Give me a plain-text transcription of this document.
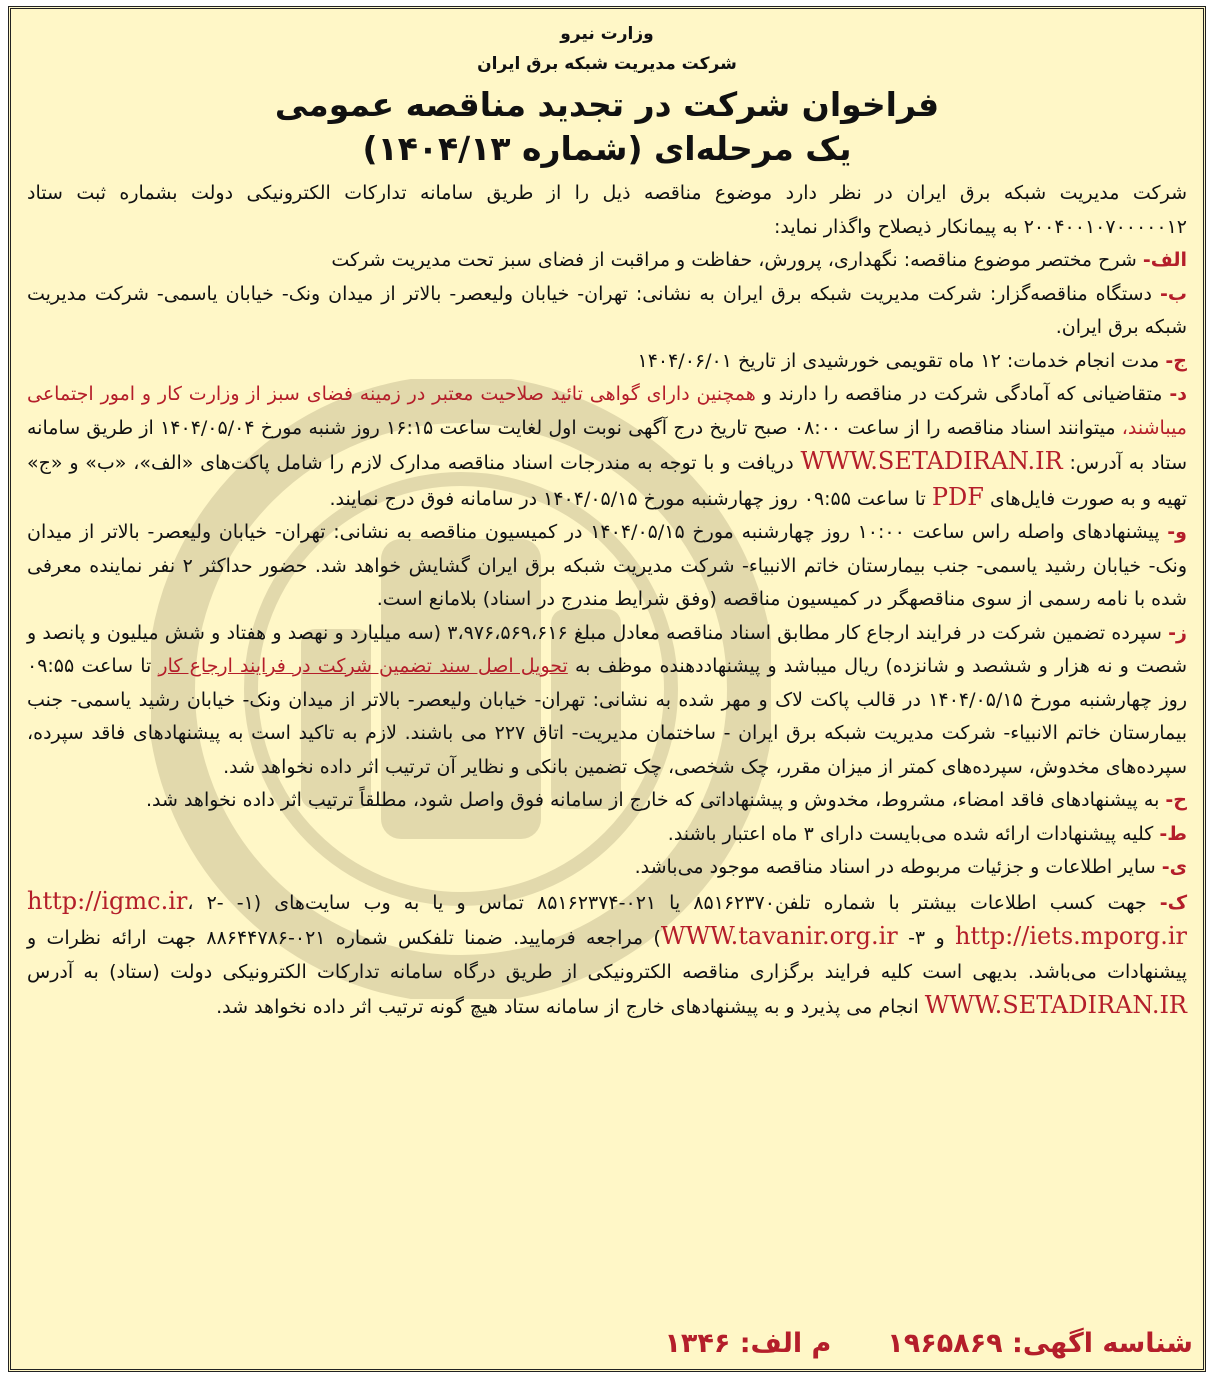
وزارت نیرو
شرکت مدیریت شبکه برق ایران
فراخوان شرکت در تجدید مناقصه عمومی
یک مرحله‌ای (شماره ۱۴۰۴/۱۳)

شرکت مدیریت شبکه برق ایران در نظر دارد موضوع مناقصه ذیل را از طریق سامانه تدارکات الکترونیکی دولت بشماره ثبت ستاد ۲۰۰۴۰۰۱۰۷۰۰۰۰۰۱۲ به پیمانکار ذیصلاح واگذار نماید:

الف- شرح مختصر موضوع مناقصه: نگهداری، پرورش، حفاظت و مراقبت از فضای سبز تحت مدیریت شرکت

ب- دستگاه مناقصه‌گزار: شرکت مدیریت شبکه برق ایران به نشانی: تهران- خیابان ولیعصر- بالاتر از میدان ونک- خیابان یاسمی- شرکت مدیریت شبکه برق ایران.

ج- مدت انجام خدمات: ۱۲ ماه تقویمی خورشیدی از تاریخ ۱۴۰۴/۰۶/۰۱

د- متقاضیانی که آمادگی شرکت در مناقصه را دارند و همچنین دارای گواهی تائید صلاحیت معتبر در زمینه فضای سبز از وزارت کار و امور اجتماعی میباشند، میتوانند اسناد مناقصه را از ساعت ۰۸:۰۰ صبح تاریخ درج آگهی نوبت اول لغایت ساعت ۱۶:۱۵ روز شنبه مورخ ۱۴۰۴/۰۵/۰۴ از طریق سامانه ستاد به آدرس: WWW.SETADIRAN.IR دریافت و با توجه به مندرجات اسناد مناقصه مدارک لازم را شامل پاکت‌های «الف»، «ب» و «ج» تهیه و به صورت فایل‌های PDF تا ساعت ۰۹:۵۵ روز چهارشنبه مورخ ۱۴۰۴/۰۵/۱۵ در سامانه فوق درج نمایند.

و- پیشنهادهای واصله راس ساعت ۱۰:۰۰ روز چهارشنبه مورخ ۱۴۰۴/۰۵/۱۵ در کمیسیون مناقصه به نشانی: تهران- خیابان ولیعصر- بالاتر از میدان ونک- خیابان رشید یاسمی- جنب بیمارستان خاتم الانبیاء- شرکت مدیریت شبکه برق ایران گشایش خواهد شد. حضور حداکثر ۲ نفر نماینده معرفی شده با نامه رسمی از سوی مناقصهگر در کمیسیون مناقصه (وفق شرایط مندرج در اسناد) بلامانع است.

ز- سپرده تضمین شرکت در فرایند ارجاع کار مطابق اسناد مناقصه معادل مبلغ ۳،۹۷۶،۵۶۹،۶۱۶ (سه میلیارد و نهصد و هفتاد و شش میلیون و پانصد و شصت و نه هزار و ششصد و شانزده) ریال میباشد و پیشنهاددهنده موظف به تحویل اصل سند تضمین شرکت در فرایند ارجاع کار تا ساعت ۰۹:۵۵ روز چهارشنبه مورخ ۱۴۰۴/۰۵/۱۵ در قالب پاکت لاک و مهر شده به نشانی: تهران- خیابان ولیعصر- بالاتر از میدان ونک- خیابان رشید یاسمی- جنب بیمارستان خاتم الانبیاء- شرکت مدیریت شبکه برق ایران - ساختمان مدیریت- اتاق ۲۲۷ می باشند. لازم به تاکید است به پیشنهادهای فاقد سپرده، سپرده‌های مخدوش، سپرده‌های کمتر از میزان مقرر، چک شخصی، چک تضمین بانکی و نظایر آن ترتیب اثر داده نخواهد شد.

ح- به پیشنهادهای فاقد امضاء، مشروط، مخدوش و پیشنهاداتی که خارج از سامانه فوق واصل شود، مطلقاً ترتیب اثر داده نخواهد شد.

ط- کلیه پیشنهادات ارائه شده می‌بایست دارای ۳ ماه اعتبار باشند.

ی- سایر اطلاعات و جزئیات مربوطه در اسناد مناقصه موجود می‌باشد.

ک- جهت کسب اطلاعات بیشتر با شماره تلفن۸۵۱۶۲۳۷۰ یا ۰۲۱-۸۵۱۶۲۳۷۴ تماس و یا به وب سایت‌های (۱- http://igmc.ir، ۲- http://iets.mporg.ir و ۳- WWW.tavanir.org.ir) مراجعه فرمایید. ضمنا تلفکس شماره ۰۲۱-۸۸۶۴۴۷۸۶ جهت ارائه نظرات و پیشنهادات می‌باشد. بدیهی است کلیه فرایند برگزاری مناقصه الکترونیکی از طریق درگاه سامانه تدارکات الکترونیکی دولت (ستاد) به آدرس WWW.SETADIRAN.IR انجام می پذیرد و به پیشنهادهای خارج از سامانه ستاد هیچ گونه ترتیب اثر داده نخواهد شد.

شناسه اگهی: ۱۹۶۵۸۶۹م الف: ۱۳۴۶
